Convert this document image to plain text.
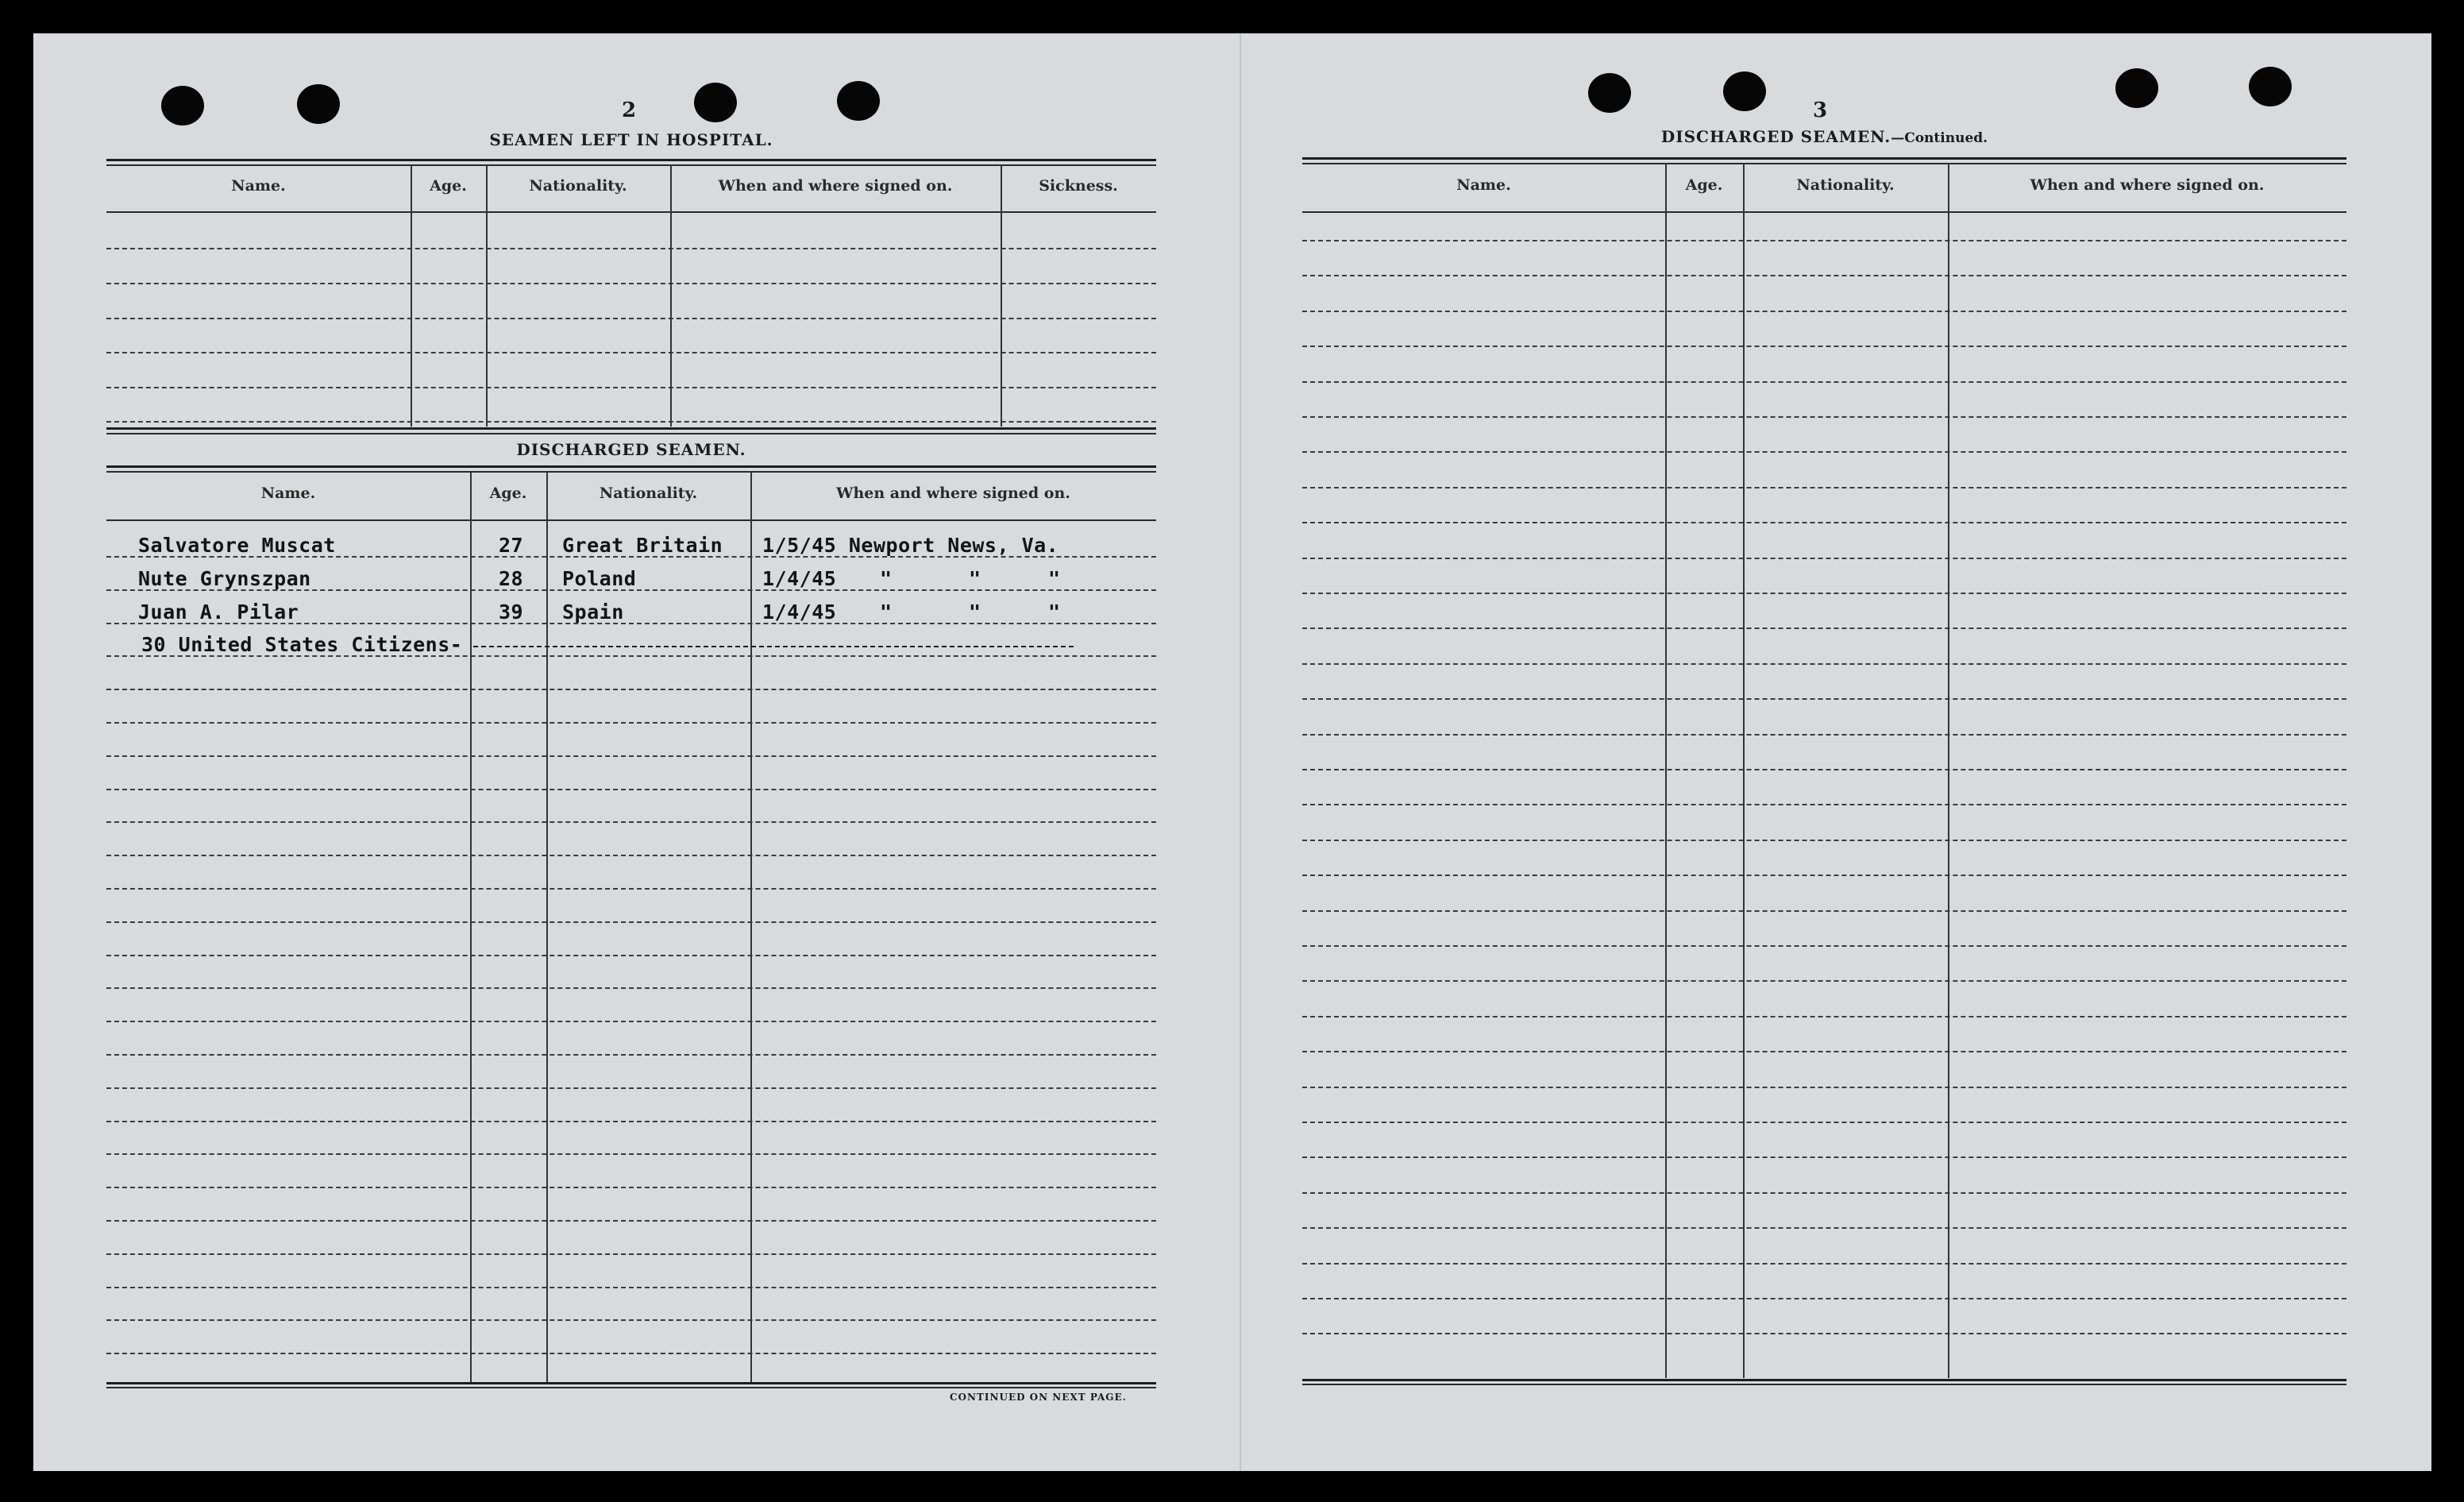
2
SEAMEN LEFT IN HOSPITAL.
Name.	Age.	Nationality.	When and where signed on.	Sickness.
DISCHARGED SEAMEN.
Name.	Age.	Nationality.	When and where signed on.
Salvatore Muscat	27 Great Britain 1/5/45 Newport News, Va.
Nute Grynszpan	28 Poland	1/4/45 "	"	"
Juan A. Pilar	39 Spain	1/4/45 "	"	"
30 United States Citizens-
CONTINUED ON NEXT PAGE.
3
DISCHARGED SEAMEN.—Continued.
Name.	Age.	Nationality.	When and where signed on.
